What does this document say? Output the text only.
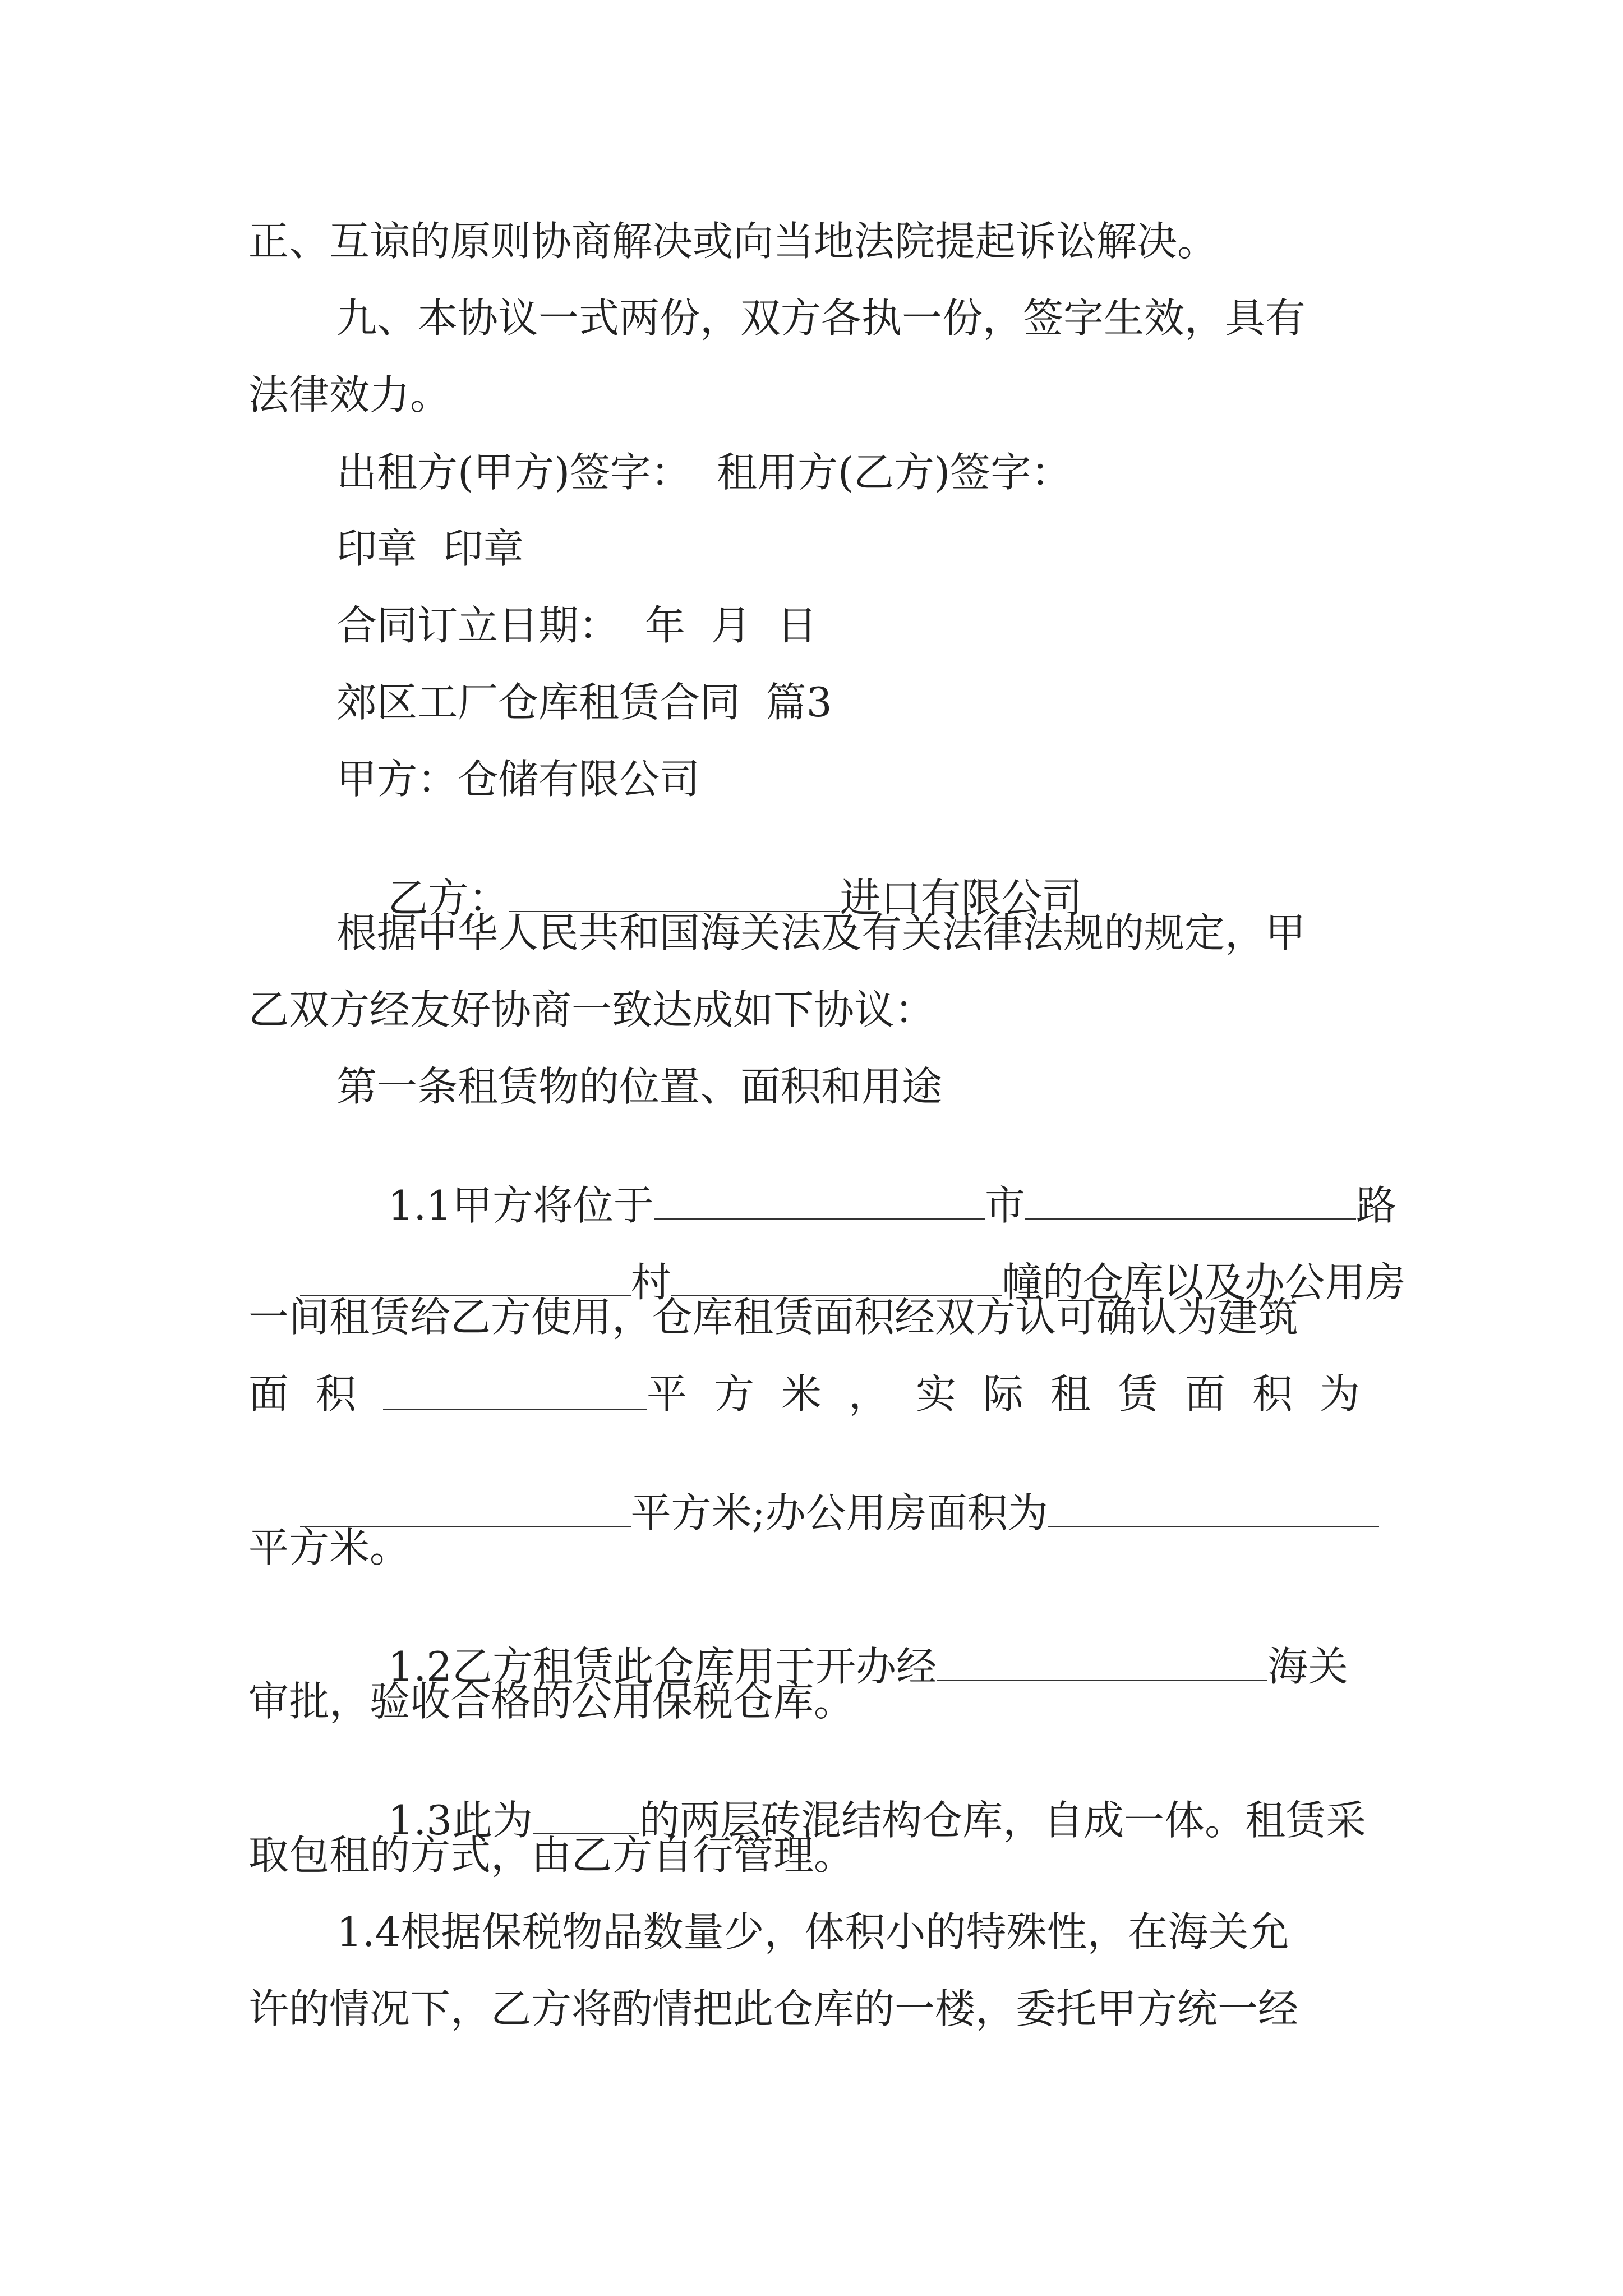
正、互谅的原则协商解决或向当地法院提起诉讼解决。
九、本协议一式两份，双方各执一份，签字生效，具有
法律效力。
出租方(甲方)签字：  租用方(乙方)签字：
印章  印章
合同订立日期：  年  月  日
郊区工厂仓库租赁合同  篇3
甲方：仓储有限公司

乙方：	进口有限公司

根据中华人民共和国海关法及有关法律法规的规定，甲
乙双方经友好协商一致达成如下协议：
第一条租赁物的位置、面积和用途

1.1甲方将位于	市	路

村	幢的仓库以及办公用房

一间租赁给乙方使用，仓库租赁面积经双方认可确认为建筑
面积	平方米，实际租赁面积为

平方米;办公用房面积为

平方米。

1.2乙方租赁此仓库用于开办经	海关

审批，验收合格的公用保税仓库。

1.3此为	的两层砖混结构仓库，自成一体。租赁采

取包租的方式，由乙方自行管理。
1.4根据保税物品数量少，体积小的特殊性，在海关允
许的情况下，乙方将酌情把此仓库的一楼，委托甲方统一经
